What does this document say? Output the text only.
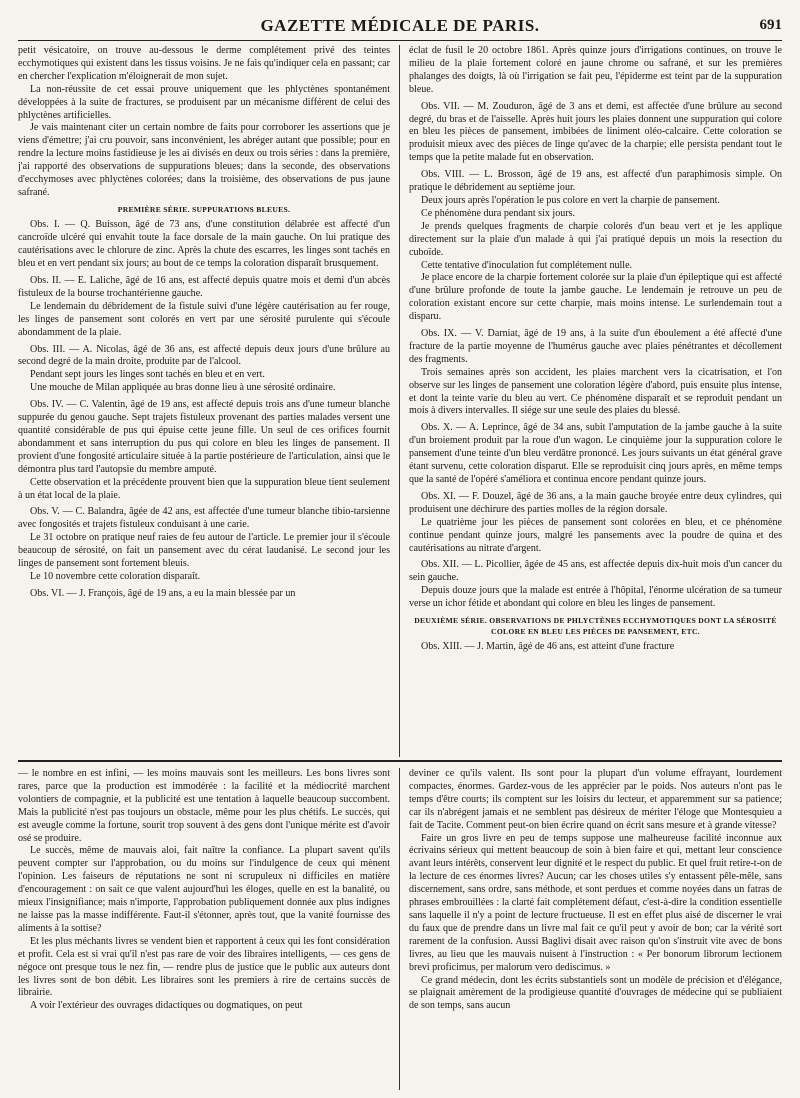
GAZETTE MÉDICALE DE PARIS.	691

petit vésicatoire, on trouve au-dessous le derme complétement privé des teintes ecchymotiques qui existent dans les tissus voisins. Je ne fais qu'indiquer cela en passant; car en chercher l'explication m'éloignerait de mon sujet.

La non-réussite de cet essai prouve uniquement que les phlyctènes spontanément développées à la suite de fractures, se produisent par un mécanisme différent de celui des phlyctènes artificielles.

Je vais maintenant citer un certain nombre de faits pour corroborer les assertions que je viens d'émettre; j'ai cru pouvoir, sans inconvénient, les abréger autant que possible; pour en rendre la lecture moins fastidieuse je les ai divisés en deux ou trois séries : dans la première, j'ai rapporté des observations de suppurations bleues; dans la seconde, des observations d'ecchymoses avec phlyctènes colorées; dans la troisième, des observations de pus jaune safrané.

PREMIÈRE SÉRIE. SUPPURATIONS BLEUES.

Obs. I. — Q. Buisson, âgé de 73 ans, d'une constitution délabrée est affecté d'un cancroïde ulcéré qui envahit toute la face dorsale de la main gauche. On lui pratique des cautérisations avec le chlorure de zinc. Après la chute des escarres, les linges sont tachés en bleu et en vert pendant six jours; au bout de ce temps la coloration disparaît brusquement.

Obs. II. — E. Laliche, âgé de 16 ans, est affecté depuis quatre mois et demi d'un abcès fistuleux de la bourse trochantérienne gauche.

Le lendemain du débridement de la fistule suivi d'une légère cautérisation au fer rouge, les linges de pansement sont colorés en vert par une sérosité purulente qui s'écoule abondamment de la plaie.

Obs. III. — A. Nicolas, âgé de 36 ans, est affecté depuis deux jours d'une brûlure au second degré de la main droite, produite par de l'alcool.

Pendant sept jours les linges sont tachés en bleu et en vert.

Une mouche de Milan appliquée au bras donne lieu à une sérosité ordinaire.

Obs. IV. — C. Valentin, âgé de 19 ans, est affecté depuis trois ans d'une tumeur blanche suppurée du genou gauche. Sept trajets fistuleux provenant des parties malades versent une quantité considérable de pus qui épuise cette jeune fille. Un seul de ces orifices fournit abondamment et sans interruption du pus qui colore en bleu les linges de pansement. Il provient d'une fongosité articulaire située à la partie postérieure de l'articulation, ainsi que le démontra plus tard l'autopsie du membre amputé.

Cette observation et la précédente prouvent bien que la suppuration bleue tient seulement à un état local de la plaie.

Obs. V. — C. Balandra, âgée de 42 ans, est affectée d'une tumeur blanche tibio-tarsienne avec fongosités et trajets fistuleux conduisant à une carie.

Le 31 octobre on pratique neuf raies de feu autour de l'article. Le premier jour il s'écoule beaucoup de sérosité, on fait un pansement avec du cérat laudanisé. Le second jour les linges de pansement sont fortement bleuis.

Le 10 novembre cette coloration disparaît.

Obs. VI. — J. François, âgé de 19 ans, a eu la main blessée par un

éclat de fusil le 20 octobre 1861. Après quinze jours d'irrigations continues, on trouve le milieu de la plaie fortement coloré en jaune chrome ou safrané, et sur les premières phalanges des doigts, là où l'irrigation se fait peu, l'épiderme est teint par de la suppuration bleue.

Obs. VII. — M. Zouduron, âgé de 3 ans et demi, est affectée d'une brûlure au second degré, du bras et de l'aisselle. Après huit jours les plaies donnent une suppuration qui colore en bleu les pièces de pansement, imbibées de liniment oléo-calcaire. Cette coloration se produisit mieux avec des pièces de linge qu'avec de la charpie; elle persista pendant tout le temps que la petite malade fut en observation.

Obs. VIII. — L. Brosson, âgé de 19 ans, est affecté d'un paraphimosis simple. On pratique le débridement au septième jour.

Deux jours après l'opération le pus colore en vert la charpie de pansement.

Ce phénomène dura pendant six jours.

Je prends quelques fragments de charpie colorés d'un beau vert et je les applique directement sur la plaie d'un malade à qui j'ai pratiqué depuis un mois la resection du cuboïde.

Cette tentative d'inoculation fut complétement nulle.

Je place encore de la charpie fortement colorée sur la plaie d'un épileptique qui est affecté d'une brûlure profonde de toute la jambe gauche. Le lendemain je retrouve un peu de coloration existant encore sur cette charpie, mais moins intense. Le surlendemain tout a disparu.

Obs. IX. — V. Darniat, âgé de 19 ans, à la suite d'un éboulement a été affecté d'une fracture de la partie moyenne de l'humérus gauche avec plaies pénétrantes et décollement des fragments.

Trois semaines après son accident, les plaies marchent vers la cicatrisation, et l'on observe sur les linges de pansement une coloration légère d'abord, puis ensuite plus intense, et dont la teinte varie du bleu au vert. Ce phénomène disparaît et se reproduit pendant un mois à divers intervalles. Il siége sur une seule des plaies du blessé.

Obs. X. — A. Leprince, âgé de 34 ans, subit l'amputation de la jambe gauche à la suite d'un broiement produit par la roue d'un wagon. Le cinquième jour la suppuration colore le pansement d'une teinte d'un bleu verdâtre prononcé. Les jours suivants un état général grave étant survenu, cette coloration disparut. Elle se reproduisit cinq jours après, en même temps que la santé de l'opéré s'améliora et continua encore pendant quinze jours.

Obs. XI. — F. Douzel, âgé de 36 ans, a la main gauche broyée entre deux cylindres, qui produisent une déchirure des parties molles de la région dorsale.

Le quatrième jour les pièces de pansement sont colorées en bleu, et ce phénomène continue pendant quinze jours, malgré les pansements avec la poudre de quina et des cautérisations au nitrate d'argent.

Obs. XII. — L. Picollier, âgée de 45 ans, est affectée depuis dix-huit mois d'un cancer du sein gauche.

Depuis douze jours que la malade est entrée à l'hôpital, l'énorme ulcération de sa tumeur verse un ichor fétide et abondant qui colore en bleu les linges de pansement.

DEUXIÈME SÉRIE. OBSERVATIONS DE PHLYCTÈNES ECCHYMOTIQUES DONT LA SÉROSITÉ COLORE EN BLEU LES PIÈCES DE PANSEMENT, ETC.

Obs. XIII. — J. Martin, âgé de 46 ans, est atteint d'une fracture

— le nombre en est infini, — les moins mauvais sont les meilleurs. Les bons livres sont rares, parce que la production est immodérée : la facilité et la médiocrité marchent volontiers de compagnie, et la publicité est une tentation à laquelle beaucoup succombent. Mais la publicité n'est pas toujours un obstacle, même pour les plus chétifs. Le succès, qui est aveugle comme la fortune, sourit trop souvent à des gens dont l'unique mérite est d'avoir osé se produire.

Le succès, même de mauvais aloi, fait naître la confiance. La plupart savent qu'ils peuvent compter sur l'approbation, ou du moins sur l'indulgence de ceux qui mènent l'opinion. Les faiseurs de réputations ne sont ni scrupuleux ni difficiles en matière d'encouragement : on sait ce que valent aujourd'hui les éloges, quelle en est la banalité, ou mieux l'insignifiance; mais n'importe, l'approbation publiquement donnée aux plus indignes ne laisse pas la masse indifférente. Faut-il s'étonner, après tout, que la vanité fournisse des aliments à la sottise?

Et les plus méchants livres se vendent bien et rapportent à ceux qui les font considération et profit. Cela est si vrai qu'il n'est pas rare de voir des libraires intelligents, — ces gens de négoce ont presque tous le nez fin, — rendre plus de justice que le public aux auteurs dont les livres sont de bon débit. Les libraires sont les premiers à rire de certains succès de librairie.

A voir l'extérieur des ouvrages didactiques ou dogmatiques, on peut

deviner ce qu'ils valent. Ils sont pour la plupart d'un volume effrayant, lourdement compactes, énormes. Gardez-vous de les apprécier par le poids. Nos auteurs n'ont pas le temps d'être courts; ils comptent sur les loisirs du lecteur, et apparemment sur sa patience; car ils n'abrégent jamais et ne semblent pas désireux de mériter l'éloge que Montesquieu a fait de Tacite. Comment peut-on bien écrire quand on écrit sans mesure et à grande vitesse?

Faire un gros livre en peu de temps suppose une malheureuse facilité inconnue aux écrivains sérieux qui mettent beaucoup de soin à bien faire et qui, mettant leur conscience avant leurs intérêts, conservent leur dignité et le respect du public. Et quel fruit retire-t-on de la lecture de ces énormes livres? Aucun; car les choses utiles s'y entassent pêle-mêle, sans discernement, sans ordre, sans méthode, et sont perdues et comme noyées dans un fatras de phrases embrouillées : la clarté fait complétement défaut, c'est-à-dire la condition essentielle sans laquelle il n'y a point de lecture fructueuse. Il est en effet plus aisé de discerner le vrai du faux que de prendre dans un livre mal fait ce qu'il peut y avoir de bon; car la vérité sort rarement de la confusion. Aussi Baglivi disait avec raison qu'on s'instruit vite avec de bons livres, au lieu que les mauvais nuisent à l'instruction : « Per bonorum librorum lectionem brevi proficimus, per malorum vero dediscimus. »

Ce grand médecin, dont les écrits substantiels sont un modèle de précision et d'élégance, se plaignait amèrement de la prodigieuse quantité d'ouvrages de médecine qui se publiaient de son temps, sans aucun
